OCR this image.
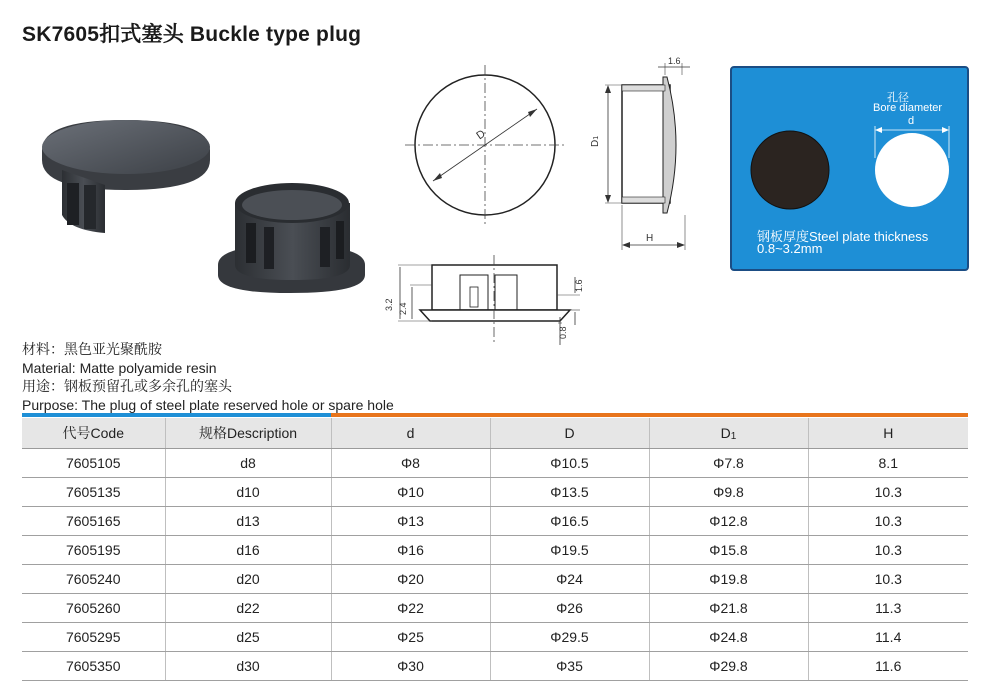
SK7605扣式塞头 Buckle type plug
D
D1
H
1.6
3.2 2.4
1.6
0.8
孔径
Bore diameter
d
钢板厚度Steel plate thickness
0.8~3.2mm
材料：黑色亚光聚酰胺
Material: Matte polyamide resin
用途：钢板预留孔或多余孔的塞头
Purpose: The plug of steel plate reserved hole or spare hole
代号Code	规格Description	d	D	$D_1$	H
7605105	d8	Φ8	Φ10.5	Φ7.8	8.1
7605135	d10	Φ10	Φ13.5	Φ9.8	10.3
7605165	d13	Φ13	Φ16.5	Φ12.8	10.3
7605195	d16	Φ16	Φ19.5	Φ15.8	10.3
7605240	d20	Φ20	Φ24	Φ19.8	10.3
7605260	d22	Φ22	Φ26	Φ21.8	11.3
7605295	d25	Φ25	Φ29.5	Φ24.8	11.4
7605350	d30	Φ30	Φ35	Φ29.8	11.6
